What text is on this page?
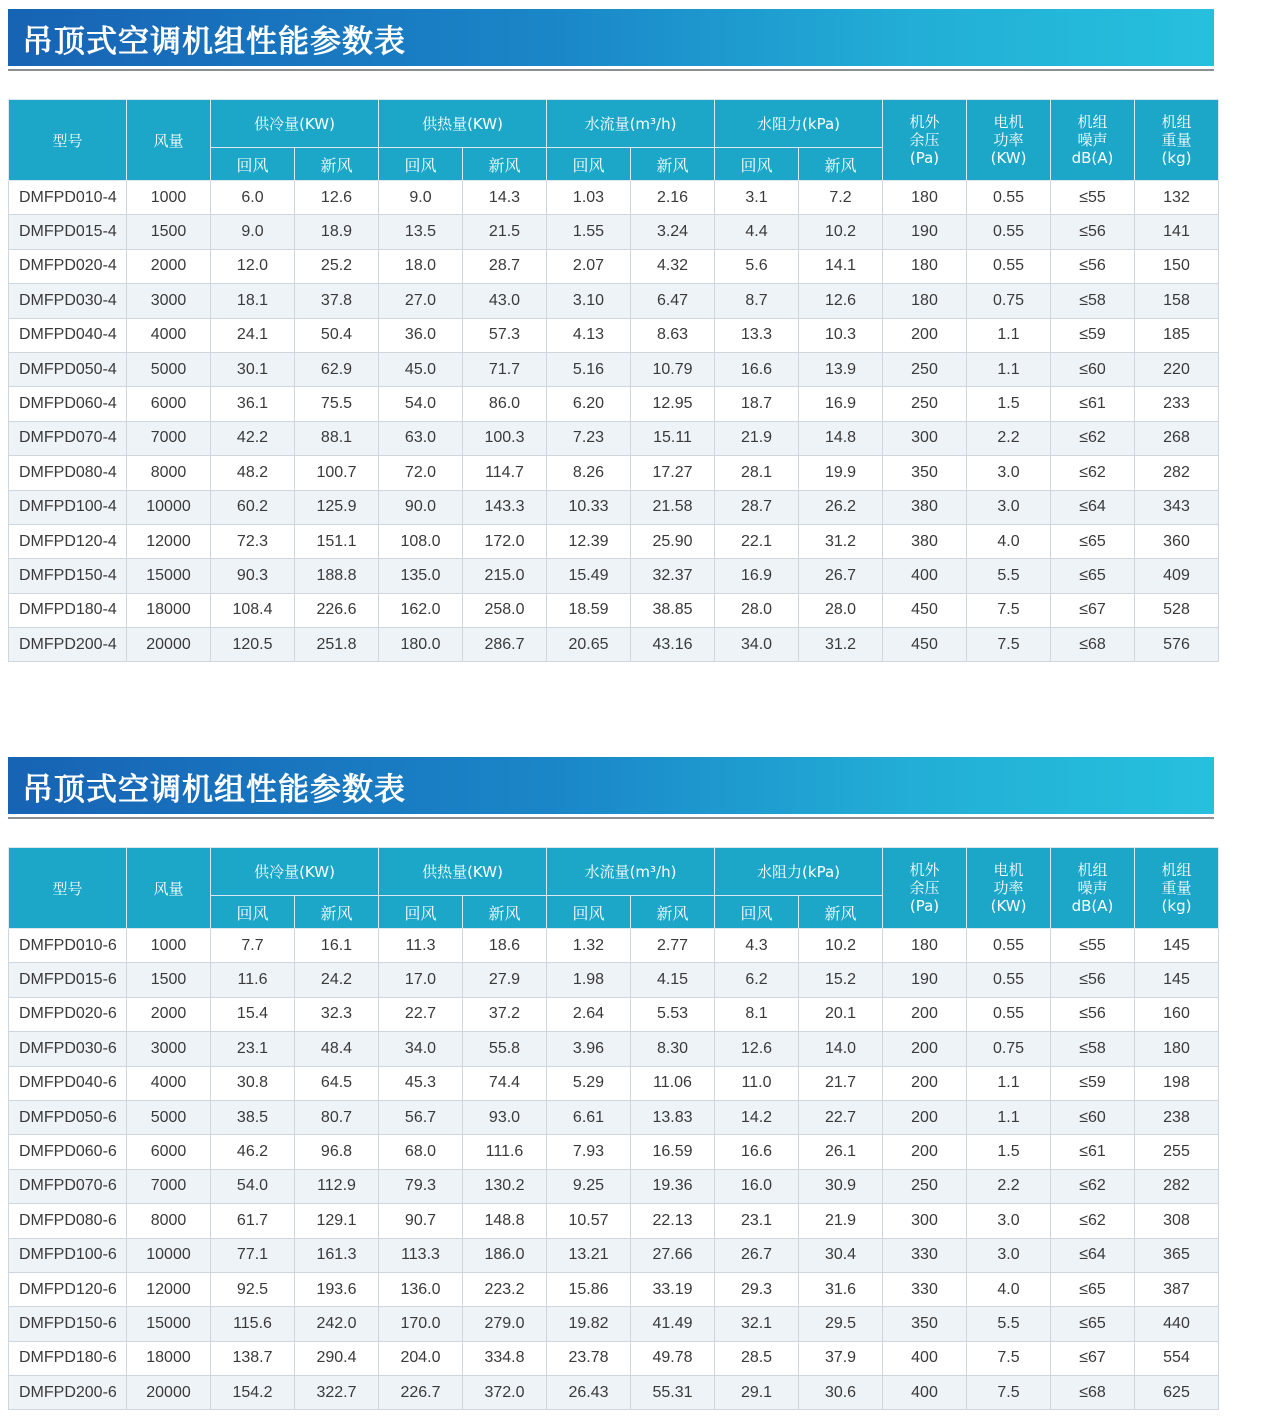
吊顶式空调机组性能参数表
型号	风量	供冷量(KW)		供热量(KW)		水流量(m³/h)		水阻力(kPa)		机外
余压
(Pa)	电机
功率
(KW)	机组
噪声
dB(A)	机组
重量
(kg)
		回风	新风	回风	新风	回风	新风	回风	新风				
DMFPD010-4	1000	6.0	12.6	9.0	14.3	1.03	2.16	3.1	7.2	180	0.55	≤55	132
DMFPD015-4	1500	9.0	18.9	13.5	21.5	1.55	3.24	4.4	10.2	190	0.55	≤56	141
DMFPD020-4	2000	12.0	25.2	18.0	28.7	2.07	4.32	5.6	14.1	180	0.55	≤56	150
DMFPD030-4	3000	18.1	37.8	27.0	43.0	3.10	6.47	8.7	12.6	180	0.75	≤58	158
DMFPD040-4	4000	24.1	50.4	36.0	57.3	4.13	8.63	13.3	10.3	200	1.1	≤59	185
DMFPD050-4	5000	30.1	62.9	45.0	71.7	5.16	10.79	16.6	13.9	250	1.1	≤60	220
DMFPD060-4	6000	36.1	75.5	54.0	86.0	6.20	12.95	18.7	16.9	250	1.5	≤61	233
DMFPD070-4	7000	42.2	88.1	63.0	100.3	7.23	15.11	21.9	14.8	300	2.2	≤62	268
DMFPD080-4	8000	48.2	100.7	72.0	114.7	8.26	17.27	28.1	19.9	350	3.0	≤62	282
DMFPD100-4	10000	60.2	125.9	90.0	143.3	10.33	21.58	28.7	26.2	380	3.0	≤64	343
DMFPD120-4	12000	72.3	151.1	108.0	172.0	12.39	25.90	22.1	31.2	380	4.0	≤65	360
DMFPD150-4	15000	90.3	188.8	135.0	215.0	15.49	32.37	16.9	26.7	400	5.5	≤65	409
DMFPD180-4	18000	108.4	226.6	162.0	258.0	18.59	38.85	28.0	28.0	450	7.5	≤67	528
DMFPD200-4	20000	120.5	251.8	180.0	286.7	20.65	43.16	34.0	31.2	450	7.5	≤68	576
吊顶式空调机组性能参数表
型号	风量	供冷量(KW)		供热量(KW)		水流量(m³/h)		水阻力(kPa)		机外
余压
(Pa)	电机
功率
(KW)	机组
噪声
dB(A)	机组
重量
(kg)
		回风	新风	回风	新风	回风	新风	回风	新风				
DMFPD010-6	1000	7.7	16.1	11.3	18.6	1.32	2.77	4.3	10.2	180	0.55	≤55	145
DMFPD015-6	1500	11.6	24.2	17.0	27.9	1.98	4.15	6.2	15.2	190	0.55	≤56	145
DMFPD020-6	2000	15.4	32.3	22.7	37.2	2.64	5.53	8.1	20.1	200	0.55	≤56	160
DMFPD030-6	3000	23.1	48.4	34.0	55.8	3.96	8.30	12.6	14.0	200	0.75	≤58	180
DMFPD040-6	4000	30.8	64.5	45.3	74.4	5.29	11.06	11.0	21.7	200	1.1	≤59	198
DMFPD050-6	5000	38.5	80.7	56.7	93.0	6.61	13.83	14.2	22.7	200	1.1	≤60	238
DMFPD060-6	6000	46.2	96.8	68.0	111.6	7.93	16.59	16.6	26.1	200	1.5	≤61	255
DMFPD070-6	7000	54.0	112.9	79.3	130.2	9.25	19.36	16.0	30.9	250	2.2	≤62	282
DMFPD080-6	8000	61.7	129.1	90.7	148.8	10.57	22.13	23.1	21.9	300	3.0	≤62	308
DMFPD100-6	10000	77.1	161.3	113.3	186.0	13.21	27.66	26.7	30.4	330	3.0	≤64	365
DMFPD120-6	12000	92.5	193.6	136.0	223.2	15.86	33.19	29.3	31.6	330	4.0	≤65	387
DMFPD150-6	15000	115.6	242.0	170.0	279.0	19.82	41.49	32.1	29.5	350	5.5	≤65	440
DMFPD180-6	18000	138.7	290.4	204.0	334.8	23.78	49.78	28.5	37.9	400	7.5	≤67	554
DMFPD200-6	20000	154.2	322.7	226.7	372.0	26.43	55.31	29.1	30.6	400	7.5	≤68	625
